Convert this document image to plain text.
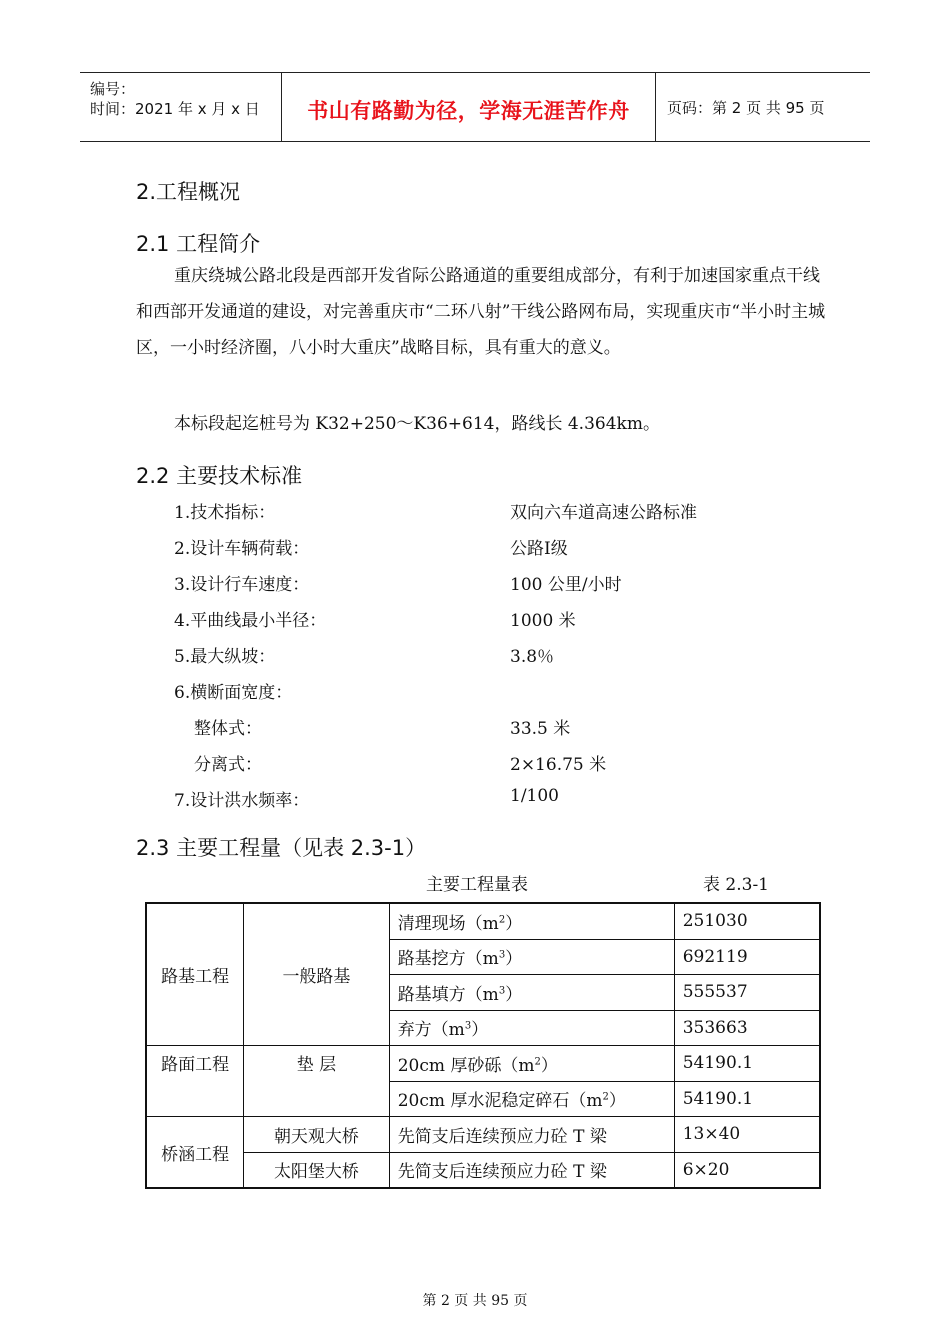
编号：
时间：2021 年 x 月 x 日	书山有路勤为径，学海无涯苦作舟	页码：第 2 页 共 95 页
2.工程概况
2.1 工程简介
重庆绕城公路北段是西部开发省际公路通道的重要组成部分，有利于加速国家重点干线和西部开发通道的建设，对完善重庆市“二环八射”干线公路网布局，实现重庆市“半小时主城区，一小时经济圈，八小时大重庆”战略目标，具有重大的意义。
本标段起迄桩号为 K32+250～K36+614，路线长 4.364km。
2.2 主要技术标准
1.技术指标：	双向六车道高速公路标准
2.设计车辆荷载：	公路Ⅰ级
3.设计行车速度：	100 公里/小时
4.平曲线最小半径：	1000 米
5.最大纵坡：	3.8％
6.横断面宽度：
整体式：	33.5 米
分离式：	2×16.75 米
7.设计洪水频率：	1/100
2.3 主要工程量（见表 2.3-1）
主要工程量表	表 2.3-1
路基工程	一般路基	清理现场$(m^2)$	251030
		路基挖方$(m^3)$	692119
		路基填方$(m^3)$	555537
		弃方$(m^3)$	353663
路面工程	垫 层	20cm 厚砂砾$(m^2)$	54190.1
		20cm 厚水泥稳定碎石$(m^2)$	54190.1
桥涵工程	朝天观大桥	先简支后连续预应力砼 T 梁	13×40
	太阳堡大桥	先简支后连续预应力砼 T 梁	6×20
第 2 页 共 95 页
